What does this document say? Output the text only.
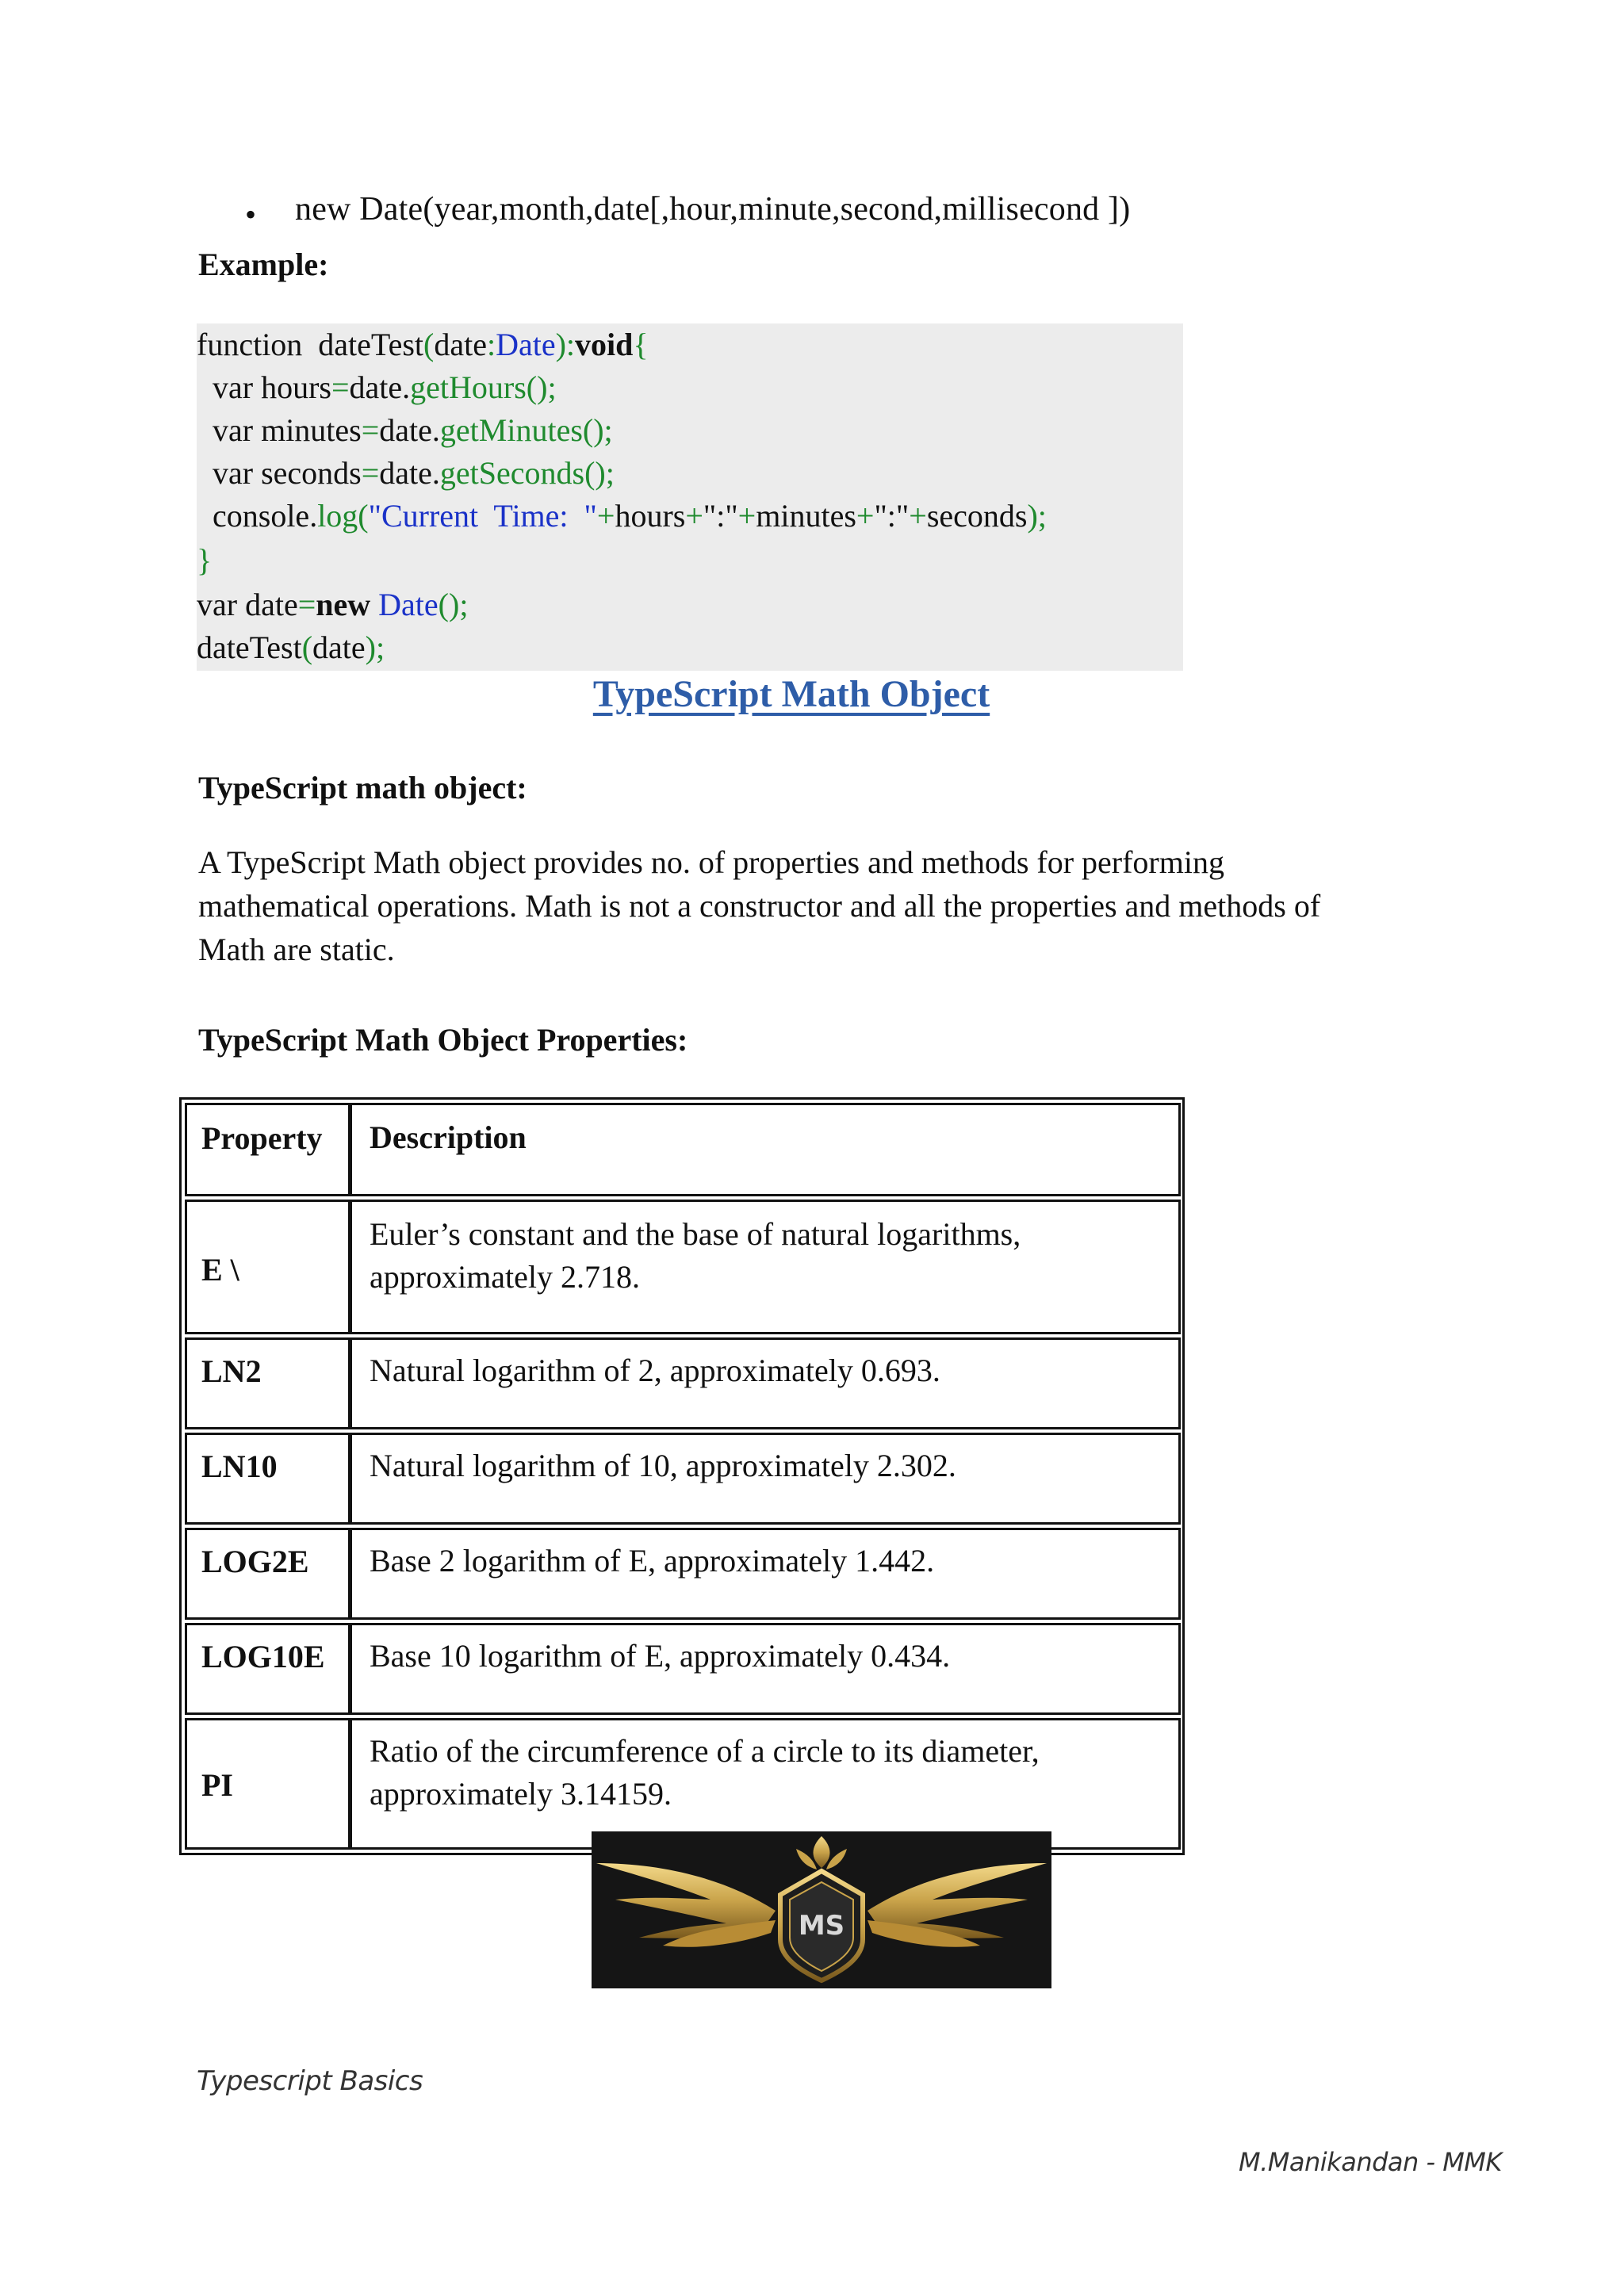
• new Date(year,month,date[,hour,minute,second,millisecond ])
Example:
function  dateTest(date:Date):void{
var hours=date.getHours();
var minutes=date.getMinutes();
var seconds=date.getSeconds();
console.log("Current  Time:  "+hours+":"+minutes+":"+seconds);
}
var date=new Date();
dateTest(date);
TypeScript Math Object
TypeScript math object:
A TypeScript Math object provides no. of properties and methods for performing
mathematical operations. Math is not a constructor and all the properties and methods of
Math are static.
TypeScript Math Object Properties:
Property Description
E \
Euler’s constant and the base of natural logarithms,
approximately 2.718.
LN2	Natural logarithm of 2, approximately 0.693.
LN10	Natural logarithm of 10, approximately 2.302.
LOG2E Base 2 logarithm of E, approximately 1.442.
LOG10E Base 10 logarithm of E, approximately 0.434.
PI
Ratio of the circumference of a circle to its diameter,
approximately 3.14159.
MS
Typescript Basics
M.Manikandan - MMK
